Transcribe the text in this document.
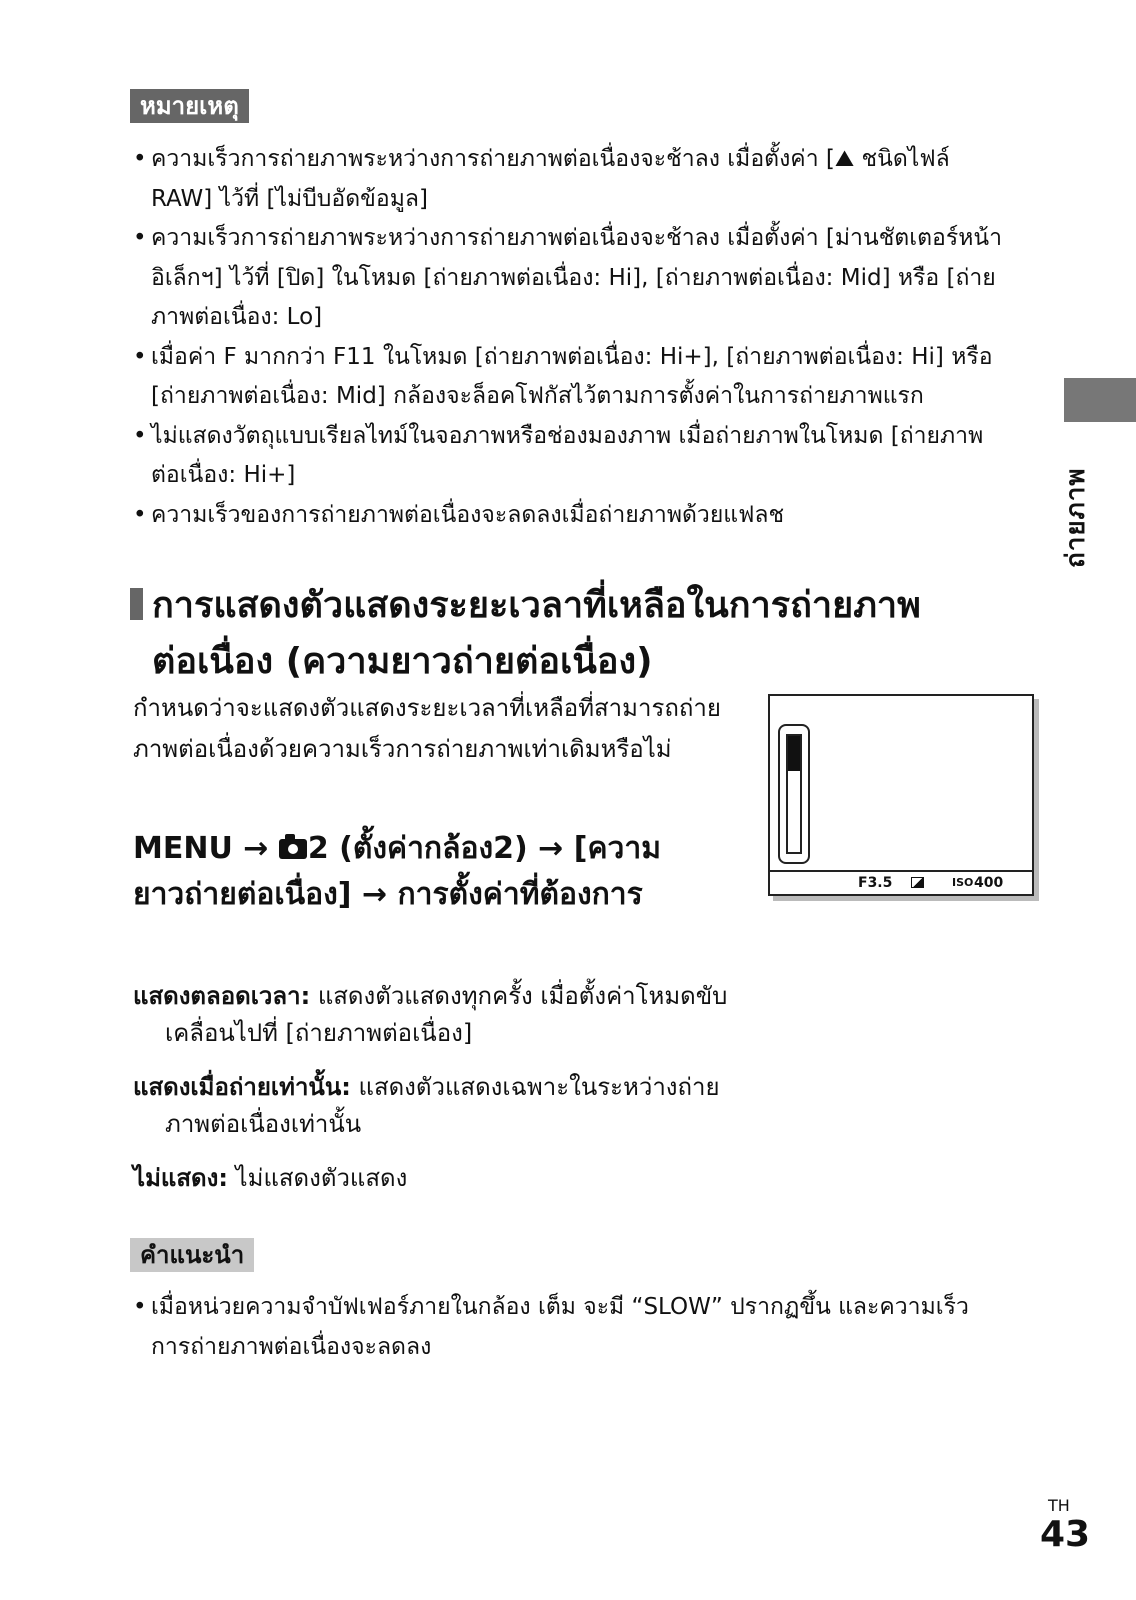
หมายเหตุ
• ความเร็วการถ่ายภาพระหว่างการถ่ายภาพต่อเนื่องจะช้าลง เมื่อตั้งค่า [⛰ ชนิดไฟล์ RAW] ไว้ที่ [ไม่บีบอัดข้อมูล]
• ความเร็วการถ่ายภาพระหว่างการถ่ายภาพต่อเนื่องจะช้าลง เมื่อตั้งค่า [ม่านชัตเตอร์หน้าอิเล็กฯ] ไว้ที่ [ปิด] ในโหมด [ถ่ายภาพต่อเนื่อง: Hi], [ถ่ายภาพต่อเนื่อง: Mid] หรือ [ถ่ายภาพต่อเนื่อง: Lo]
• เมื่อค่า F มากกว่า F11 ในโหมด [ถ่ายภาพต่อเนื่อง: Hi+], [ถ่ายภาพต่อเนื่อง: Hi] หรือ [ถ่ายภาพต่อเนื่อง: Mid] กล้องจะล็อคโฟกัสไว้ตามการตั้งค่าในการถ่ายภาพแรก
• ไม่แสดงวัตถุแบบเรียลไทม์ในจอภาพหรือช่องมองภาพ เมื่อถ่ายภาพในโหมด [ถ่ายภาพต่อเนื่อง: Hi+]
• ความเร็วของการถ่ายภาพต่อเนื่องจะลดลงเมื่อถ่ายภาพด้วยแฟลช	ถ่ายภาพ
การแสดงตัวแสดงระยะเวลาที่เหลือในการถ่ายภาพ
ต่อเนื่อง (ความยาวถ่ายต่อเนื่อง)
กำหนดว่าจะแสดงตัวแสดงระยะเวลาที่เหลือที่สามารถถ่ายภาพต่อเนื่องด้วยความเร็วการถ่ายภาพเท่าเดิมหรือไม่
MENU → 2 (ตั้งค่ากล้อง2) → [ความยาวถ่ายต่อเนื่อง] → การตั้งค่าที่ต้องการ
แสดงตลอดเวลา: แสดงตัวแสดงทุกครั้ง เมื่อตั้งค่าโหมดขับเคลื่อนไปที่ [ถ่ายภาพต่อเนื่อง]
แสดงเมื่อถ่ายเท่านั้น: แสดงตัวแสดงเฉพาะในระหว่างถ่ายภาพต่อเนื่องเท่านั้น
ไม่แสดง: ไม่แสดงตัวแสดง
F3.5	ISO 400
คำแนะนำ
• เมื่อหน่วยความจำบัฟเฟอร์ภายในกล้อง เต็ม จะมี “SLOW” ปรากฏขึ้น และความเร็วการถ่ายภาพต่อเนื่องจะลดลง
TH
43
